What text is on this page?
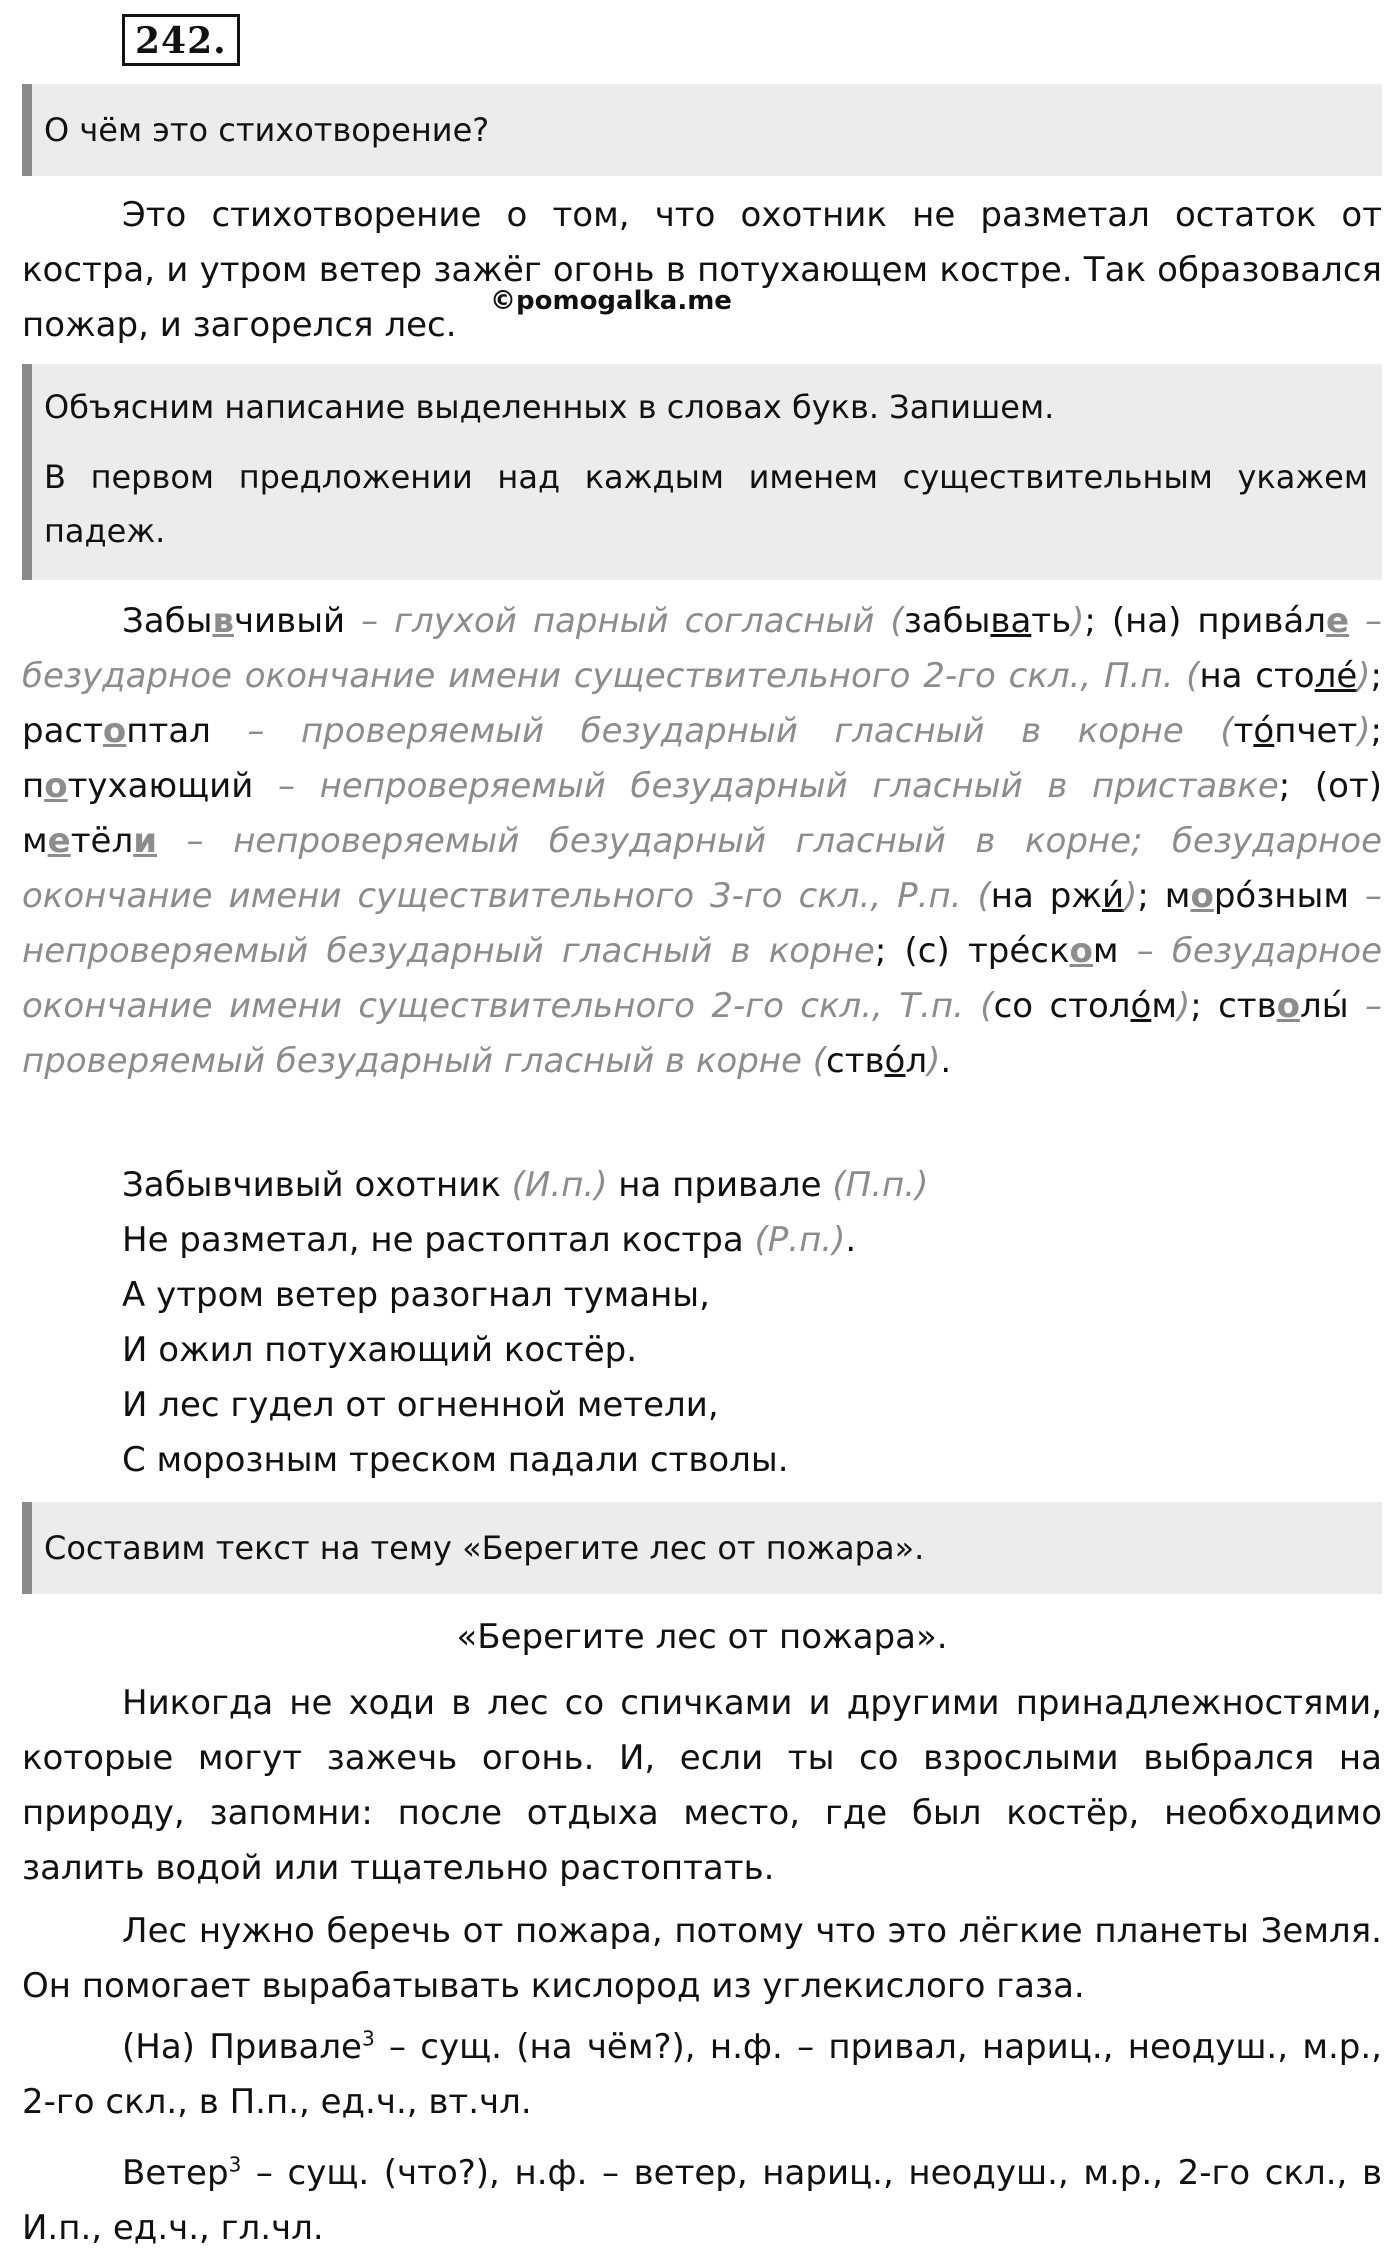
242.

О чём это стихотворение?

Это стихотворение о том, что охотник не разметал остаток от костра, и утром ветер зажёг огонь в потухающем костре. Так образовался пожар, и загорелся лес.

©pomogalka.me

Объясним написание выделенных в словах букв. Запишем.

В первом предложении над каждым именем существительным укажем падеж.

Забывчивый – глухой парный согласный (забывать); (на) прива́ле – безударное окончание имени существительного 2-го скл., П.п. (на столе́); растоптал – проверяемый безударный гласный в корне (то́пчет); потухающий – непроверяемый безударный гласный в приставке; (от) метёли – непроверяемый безударный гласный в корне; безударное окончание имени существительного 3-го скл., Р.п. (на ржи́); моро́зным – непроверяемый безударный гласный в корне; (с) тре́ском – безударное окончание имени существительного 2-го скл., Т.п. (со столо́м); стволы́ – проверяемый безударный гласный в корне (ство́л).

Забывчивый охотник (И.п.) на привале (П.п.)
Не разметал, не растоптал костра (Р.п.).
А утром ветер разогнал туманы,
И ожил потухающий костёр.
И лес гудел от огненной метели,
С морозным треском падали стволы.

Составим текст на тему «Берегите лес от пожара».

«Берегите лес от пожара».

Никогда не ходи в лес со спичками и другими принадлежностями, которые могут зажечь огонь. И, если ты со взрослыми выбрался на природу, запомни: после отдыха место, где был костёр, необходимо залить водой или тщательно растоптать.

Лес нужно беречь от пожара, потому что это лёгкие планеты Земля. Он помогает вырабатывать кислород из углекислого газа.

(На) Привале$^3$ – сущ. (на чём?), н.ф. – привал, нариц., неодуш., м.р., 2-го скл., в П.п., ед.ч., вт.чл.

Ветер$^3$ – сущ. (что?), н.ф. – ветер, нариц., неодуш., м.р., 2-го скл., в И.п., ед.ч., гл.чл.
